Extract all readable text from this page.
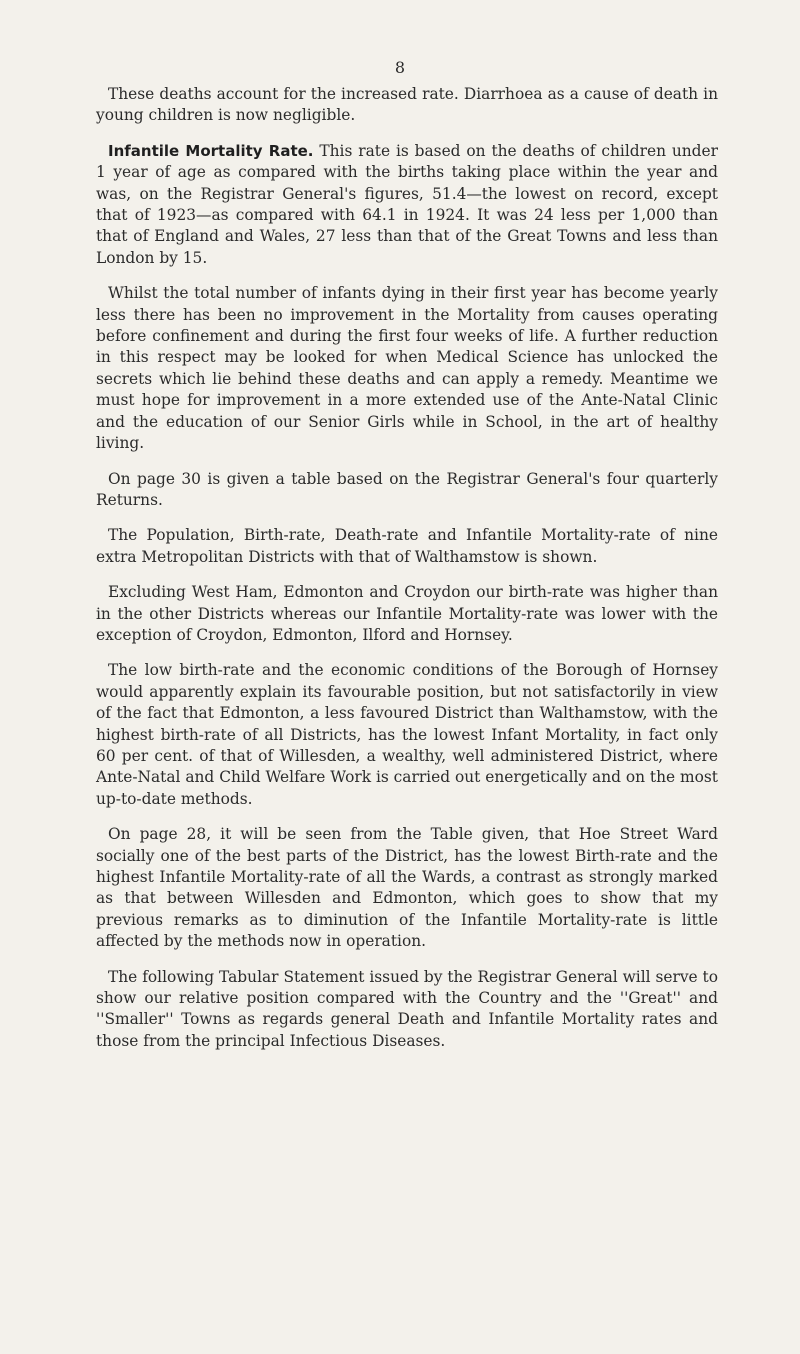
8

These deaths account for the increased rate. Diarrhoea as a cause of death in young children is now negligible.

Infantile Mortality Rate. This rate is based on the deaths of children under 1 year of age as compared with the births taking place within the year and was, on the Registrar General's figures, 51.4—the lowest on record, except that of 1923—as compared with 64.1 in 1924. It was 24 less per 1,000 than that of England and Wales, 27 less than that of the Great Towns and less than London by 15.

Whilst the total number of infants dying in their first year has become yearly less there has been no improvement in the Mortality from causes operating before confinement and during the first four weeks of life. A further reduction in this respect may be looked for when Medical Science has unlocked the secrets which lie behind these deaths and can apply a remedy. Meantime we must hope for improvement in a more extended use of the Ante-Natal Clinic and the education of our Senior Girls while in School, in the art of healthy living.

On page 30 is given a table based on the Registrar General's four quarterly Returns.

The Population, Birth-rate, Death-rate and Infantile Mortality-rate of nine extra Metropolitan Districts with that of Walthamstow is shown.

Excluding West Ham, Edmonton and Croydon our birth-rate was higher than in the other Districts whereas our Infantile Mortality-rate was lower with the exception of Croydon, Edmonton, Ilford and Hornsey.

The low birth-rate and the economic conditions of the Borough of Hornsey would apparently explain its favourable position, but not satisfactorily in view of the fact that Edmonton, a less favoured District than Walthamstow, with the highest birth-rate of all Districts, has the lowest Infant Mortality, in fact only 60 per cent. of that of Willesden, a wealthy, well administered District, where Ante-Natal and Child Welfare Work is carried out energetically and on the most up-to-date methods.

On page 28, it will be seen from the Table given, that Hoe Street Ward socially one of the best parts of the District, has the lowest Birth-rate and the highest Infantile Mortality-rate of all the Wards, a contrast as strongly marked as that between Willesden and Edmonton, which goes to show that my previous remarks as to diminution of the Infantile Mortality-rate is little affected by the methods now in operation.

The following Tabular Statement issued by the Registrar General will serve to show our relative position compared with the Country and the ''Great'' and ''Smaller'' Towns as regards general Death and Infantile Mortality rates and those from the principal Infectious Diseases.
